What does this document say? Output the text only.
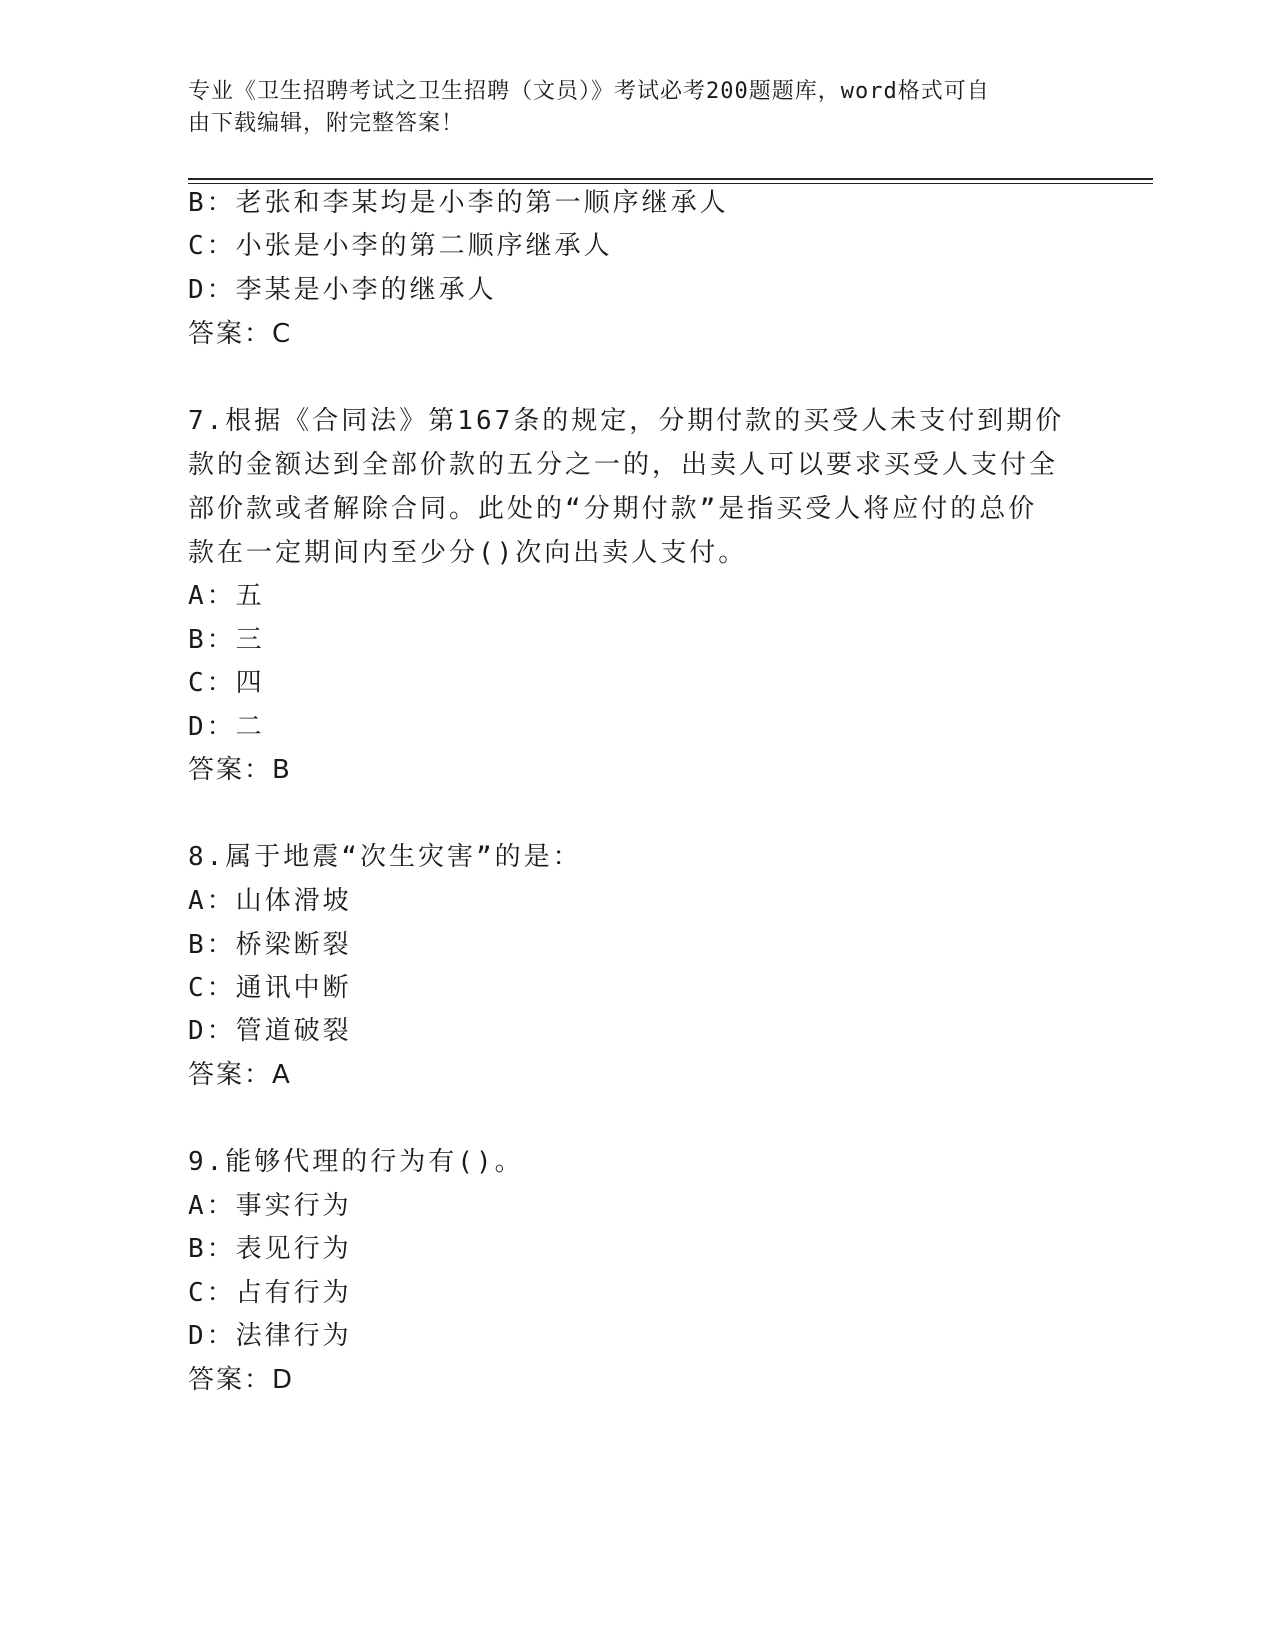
专业《卫生招聘考试之卫生招聘（文员）》考试必考200题题库，word格式可自
由下载编辑，附完整答案！
B：老张和李某均是小李的第一顺序继承人
C：小张是小李的第二顺序继承人
D：李某是小李的继承人
答案：C
7.根据《合同法》第167条的规定，分期付款的买受人未支付到期价
款的金额达到全部价款的五分之一的，出卖人可以要求买受人支付全
部价款或者解除合同。此处的“分期付款”是指买受人将应付的总价
款在一定期间内至少分()次向出卖人支付。
A：五
B：三
C：四
D：二
答案：B
8.属于地震“次生灾害”的是：
A：山体滑坡
B：桥梁断裂
C：通讯中断
D：管道破裂
答案：A
9.能够代理的行为有()。
A：事实行为
B：表见行为
C：占有行为
D：法律行为
答案：D
